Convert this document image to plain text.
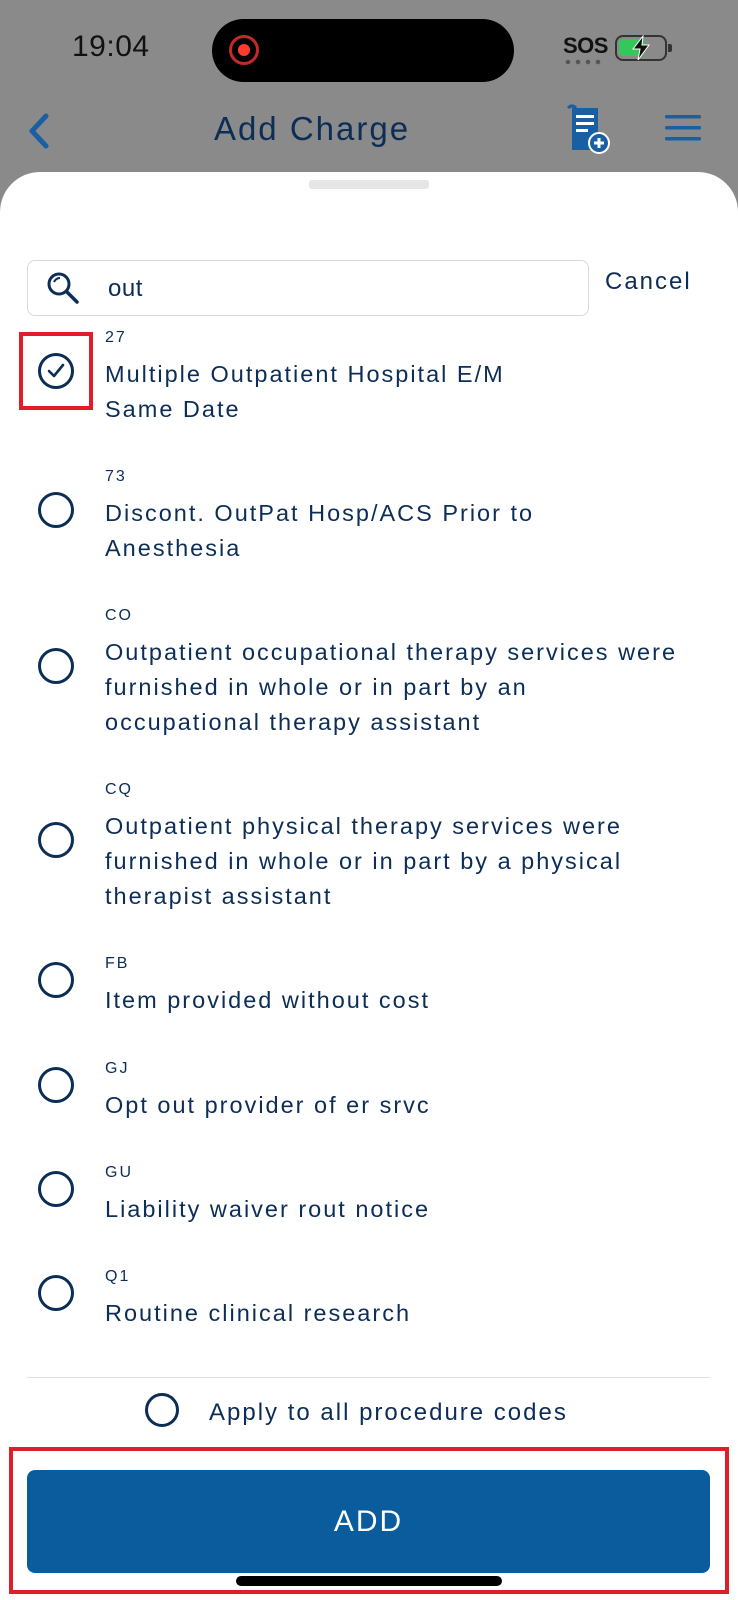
19:04	SOS
Add Charge
out
Cancel
27
Multiple Outpatient Hospital E/M Same Date
73
Discont. OutPat Hosp/ACS Prior to Anesthesia
CO
Outpatient occupational therapy services were furnished in whole or in part by an occupational therapy assistant
CQ
Outpatient physical therapy services were furnished in whole or in part by a physical therapist assistant
FB
Item provided without cost
GJ
Opt out provider of er srvc
GU
Liability waiver rout notice
Q1
Routine clinical research
Apply to all procedure codes
ADD
